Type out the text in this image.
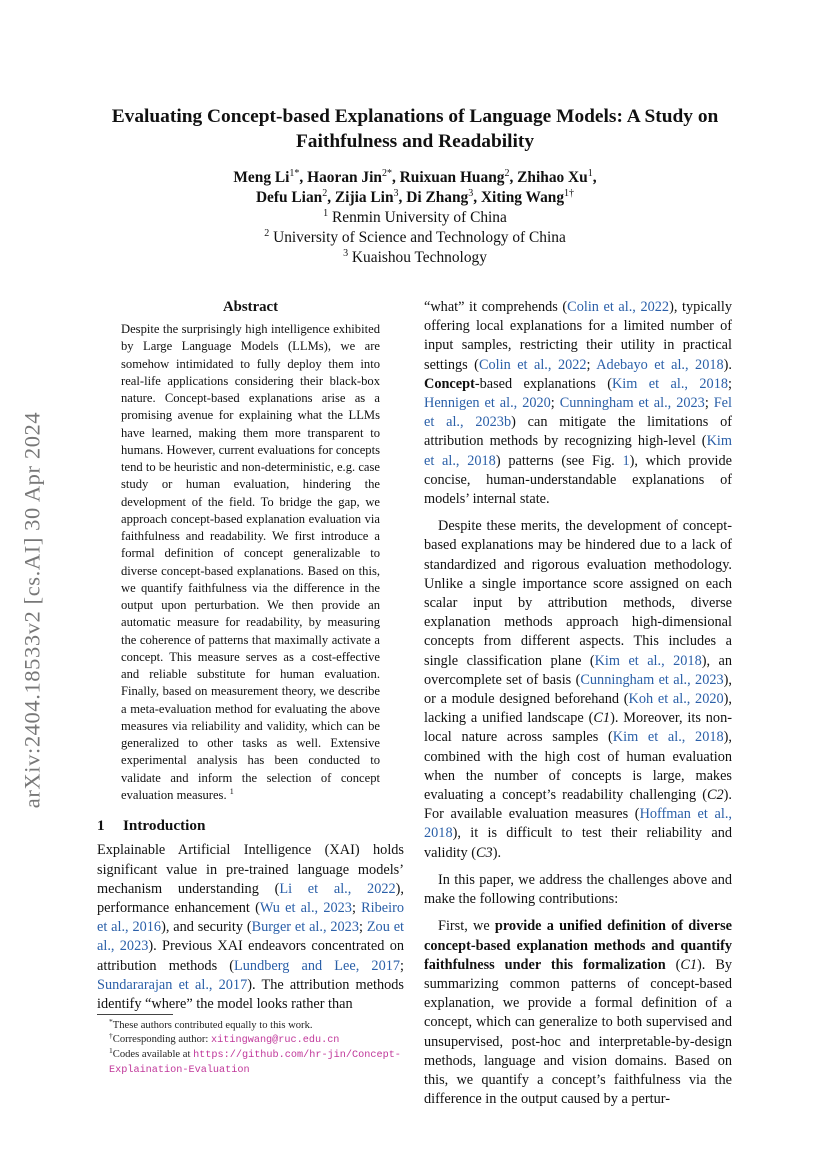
arXiv:2404.18533v2 [cs.AI] 30 Apr 2024
Evaluating Concept-based Explanations of Language Models: A Study on Faithfulness and Readability
Meng $Li^{1*}$, Haoran Jin$^{2*}$, Ruixuan Huang$^2$, Zhihao Xu$^1$,
Defu Lian$^2$, Zijia Lin$^3$, Di Zhang$^3$, Xiting Wang$^{1\dagger}$
$^1$ Renmin University of China
$^2$ University of Science and Technology of China
$^3$ Kuaishou Technology
Abstract
Despite the surprisingly high intelligence exhibited by Large Language Models (LLMs), we are somehow intimidated to fully deploy them into real-life applications considering their black-box nature. Concept-based explanations arise as a promising avenue for explaining what the LLMs have learned, making them more transparent to humans. However, current evaluations for concepts tend to be heuristic and non-deterministic, e.g. case study or human evaluation, hindering the development of the field. To bridge the gap, we approach concept-based explanation evaluation via faithfulness and readability. We first introduce a formal definition of concept generalizable to diverse concept-based explanations. Based on this, we quantify faithfulness via the difference in the output upon perturbation. We then provide an automatic measure for readability, by measuring the coherence of patterns that maximally activate a concept. This measure serves as a cost-effective and reliable substitute for human evaluation. Finally, based on measurement theory, we describe a meta-evaluation method for evaluating the above measures via reliability and validity, which can be generalized to other tasks as well. Extensive experimental analysis has been conducted to validate and inform the selection of concept evaluation measures. $^1$
1 Introduction

Explainable Artificial Intelligence (XAI) holds significant value in pre-trained language models’ mechanism understanding (Li et al., 2022), performance enhancement (Wu et al., 2023; Ribeiro et al., 2016), and security (Burger et al., 2023; Zou et al., 2023). Previous XAI endeavors concentrated on attribution methods (Lundberg and Lee, 2017; Sundararajan et al., 2017). The attribution methods identify “where” the model looks rather than

*These authors contributed equally to this work.

†Corresponding author: xitingwang@ruc.edu.cn

$^1$Codes available at https://github.com/hr-jin/Concept-Explaination-Evaluation

“what” it comprehends (Colin et al., 2022), typically offering local explanations for a limited number of input samples, restricting their utility in practical settings (Colin et al., 2022; Adebayo et al., 2018). Concept-based explanations (Kim et al., 2018; Hennigen et al., 2020; Cunningham et al., 2023; Fel et al., 2023b) can mitigate the limitations of attribution methods by recognizing high-level (Kim et al., 2018) patterns (see Fig. 1), which provide concise, human-understandable explanations of models’ internal state.

Despite these merits, the development of concept-based explanations may be hindered due to a lack of standardized and rigorous evaluation methodology. Unlike a single importance score assigned on each scalar input by attribution methods, diverse explanation methods approach high-dimensional concepts from different aspects. This includes a single classification plane (Kim et al., 2018), an overcomplete set of basis (Cunningham et al., 2023), or a module designed beforehand (Koh et al., 2020), lacking a unified landscape (C1). Moreover, its non-local nature across samples (Kim et al., 2018), combined with the high cost of human evaluation when the number of concepts is large, makes evaluating a concept’s readability challenging (C2). For available evaluation measures (Hoffman et al., 2018), it is difficult to test their reliability and validity (C3).

In this paper, we address the challenges above and make the following contributions:

First, we provide a unified definition of diverse concept-based explanation methods and quantify faithfulness under this formalization (C1). By summarizing common patterns of concept-based explanation, we provide a formal definition of a concept, which can generalize to both supervised and unsupervised, post-hoc and interpretable-by-design methods, language and vision domains. Based on this, we quantify a concept’s faithfulness via the difference in the output caused by a pertur-
